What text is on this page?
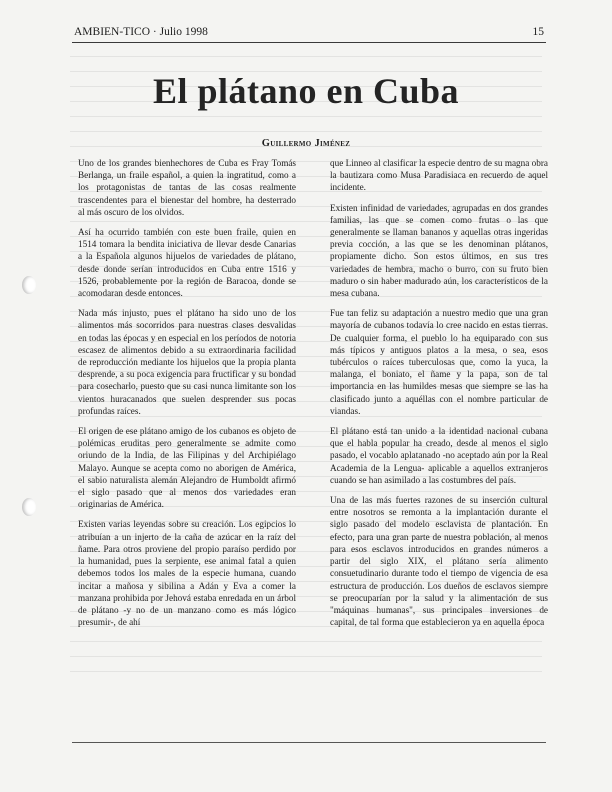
AMBIEN-TICO · Julio 1998	15
El plátano en Cuba
Guillermo Jiménez

Uno de los grandes bienhechores de Cuba es Fray Tomás Berlanga, un fraile español, a quien la ingratitud, como a los protagonistas de tantas de las cosas realmente trascendentes para el bienestar del hombre, ha desterrado al más oscuro de los olvidos.

Así ha ocurrido también con este buen fraile, quien en 1514 tomara la bendita iniciativa de llevar desde Canarias a la Española algunos hijuelos de variedades de plátano, desde donde serían introducidos en Cuba entre 1516 y 1526, probablemente por la región de Baracoa, donde se acomodaran desde entonces.

Nada más injusto, pues el plátano ha sido uno de los alimentos más socorridos para nuestras clases desvalidas en todas las épocas y en especial en los períodos de notoria escasez de alimentos debido a su extraordinaria facilidad de reproducción mediante los hijuelos que la propia planta desprende, a su poca exigencia para fructificar y su bondad para cosecharlo, puesto que su casi nunca limitante son los vientos huracanados que suelen desprender sus pocas profundas raíces.

El origen de ese plátano amigo de los cubanos es objeto de polémicas eruditas pero generalmente se admite como oriundo de la India, de las Filipinas y del Archipiélago Malayo. Aunque se acepta como no aborigen de América, el sabio naturalista alemán Alejandro de Humboldt afirmó el siglo pasado que al menos dos variedades eran originarias de América.

Existen varias leyendas sobre su creación. Los egipcios lo atribuían a un injerto de la caña de azúcar en la raíz del ñame. Para otros proviene del propio paraíso perdido por la humanidad, pues la serpiente, ese animal fatal a quien debemos todos los males de la especie humana, cuando incitar a mañosa y sibilina a Adán y Eva a comer la manzana prohibida por Jehová estaba enredada en un árbol de plátano -y no de un manzano como es más lógico presumir-, de ahí

que Linneo al clasificar la especie dentro de su magna obra la bautizara como Musa Paradisiaca en recuerdo de aquel incidente.

Existen infinidad de variedades, agrupadas en dos grandes familias, las que se comen como frutas o las que generalmente se llaman bananos y aquellas otras ingeridas previa cocción, a las que se les denominan plátanos, propiamente dicho. Son estos últimos, en sus tres variedades de hembra, macho o burro, con su fruto bien maduro o sin haber madurado aún, los característicos de la mesa cubana.

Fue tan feliz su adaptación a nuestro medio que una gran mayoría de cubanos todavía lo cree nacido en estas tierras. De cualquier forma, el pueblo lo ha equiparado con sus más típicos y antiguos platos a la mesa, o sea, esos tubérculos o raíces tuberculosas que, como la yuca, la malanga, el boniato, el ñame y la papa, son de tal importancia en las humildes mesas que siempre se las ha clasificado junto a aquéllas con el nombre particular de viandas.

El plátano está tan unido a la identidad nacional cubana que el habla popular ha creado, desde al menos el siglo pasado, el vocablo aplatanado -no aceptado aún por la Real Academia de la Lengua- aplicable a aquellos extranjeros cuando se han asimilado a las costumbres del país.

Una de las más fuertes razones de su inserción cultural entre nosotros se remonta a la implantación durante el siglo pasado del modelo esclavista de plantación. En efecto, para una gran parte de nuestra población, al menos para esos esclavos introducidos en grandes números a partir del siglo XIX, el plátano sería alimento consuetudinario durante todo el tiempo de vigencia de esa estructura de producción. Los dueños de esclavos siempre se preocuparían por la salud y la alimentación de sus "máquinas humanas", sus principales inversiones de capital, de tal forma que establecieron ya en aquella época
